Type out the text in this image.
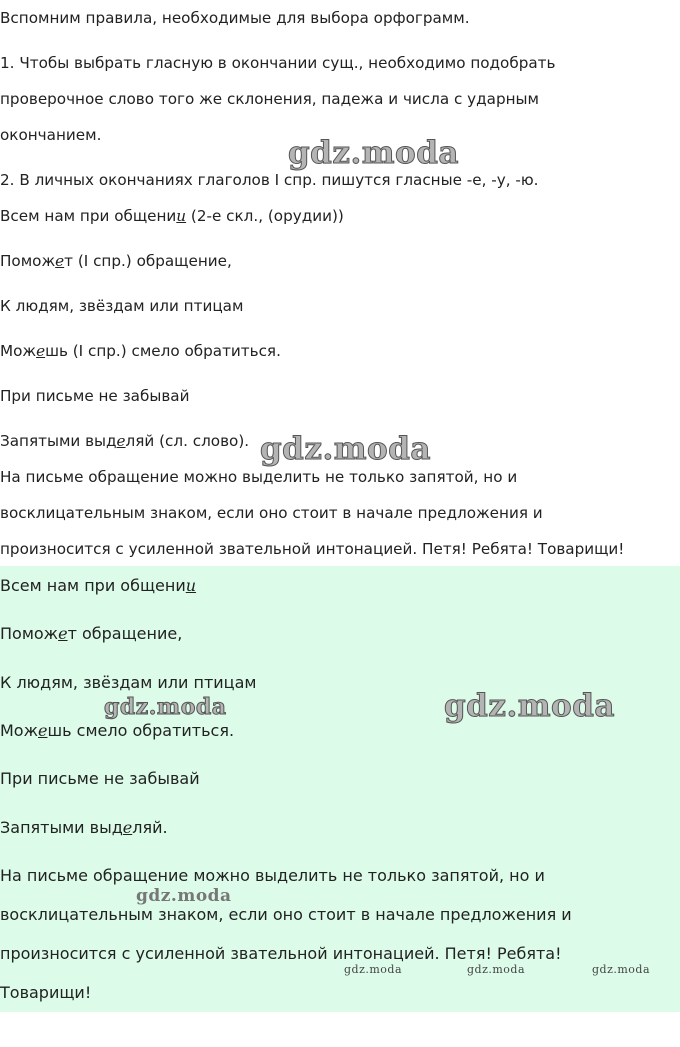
Вспомним правила, необходимые для выбора орфограмм.

1. Чтобы выбрать гласную в окончании сущ., необходимо подобрать

проверочное слово того же склонения, падежа и числа с ударным

окончанием.

2. В личных окончаниях глаголов I спр. пишутся гласные -е, -у, -ю.

Всем нам при общении (2-е скл., (орудии))

Поможет (I спр.) обращение,

К людям, звёздам или птицам

Можешь (I спр.) смело обратиться.

При письме не забывай

Запятыми выделяй (сл. слово).

На письме обращение можно выделить не только запятой, но и

восклицательным знаком, если оно стоит в начале предложения и

произносится с усиленной звательной интонацией. Петя! Ребята! Товарищи!

Всем нам при общении

Поможет обращение,

К людям, звёздам или птицам

Можешь смело обратиться.

При письме не забывай

Запятыми выделяй.

На письме обращение можно выделить не только запятой, но и

восклицательным знаком, если оно стоит в начале предложения и

произносится с усиленной звательной интонацией. Петя! Ребята!

Товарищи!

gdz.moda
gdz.moda
gdz.moda
gdz.moda
gdz.moda
gdz.moda	gdz.moda	gdz.moda
